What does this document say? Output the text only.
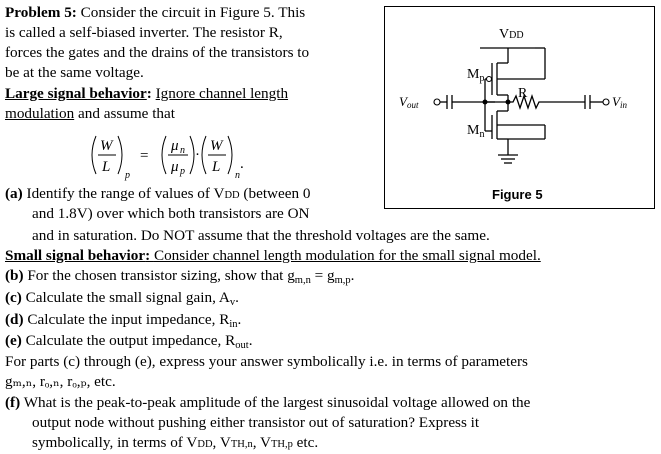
Problem 5: Consider the circuit in Figure 5. This
is called a self-biased inverter. The resistor R,
forces the gates and the drains of the transistors to
be at the same voltage.
Large signal behavior: Ignore channel length
modulation and assume that
W
L
μ
μ
W
L
n
p
p	n
=	·
.
(a) Identify the range of values of VDD (between 0
and 1.8V) over which both transistors are ON
and in saturation. Do NOT assume that the threshold voltages are the same.
Small signal behavior: Consider channel length modulation for the small signal model.
(b) For the chosen transistor sizing, show that gm,n = gm,p.
(c) Calculate the small signal gain, Av.
(d) Calculate the input impedance, Rin.
(e) Calculate the output impedance, Rout.
For parts (c) through (e), express your answer symbolically i.e. in terms of parameters
gₘ,ₙ, rₒ,ₙ, rₒ,ₚ, etc.
(f) What is the peak-to-peak amplitude of the largest sinusoidal voltage allowed on the
output node without pushing either transistor out of saturation? Express it
symbolically, in terms of VDD, VTH,n, VTH,p etc.
VDD
$M_p$
R
$M_n$
Vout	Vin
Figure 5
